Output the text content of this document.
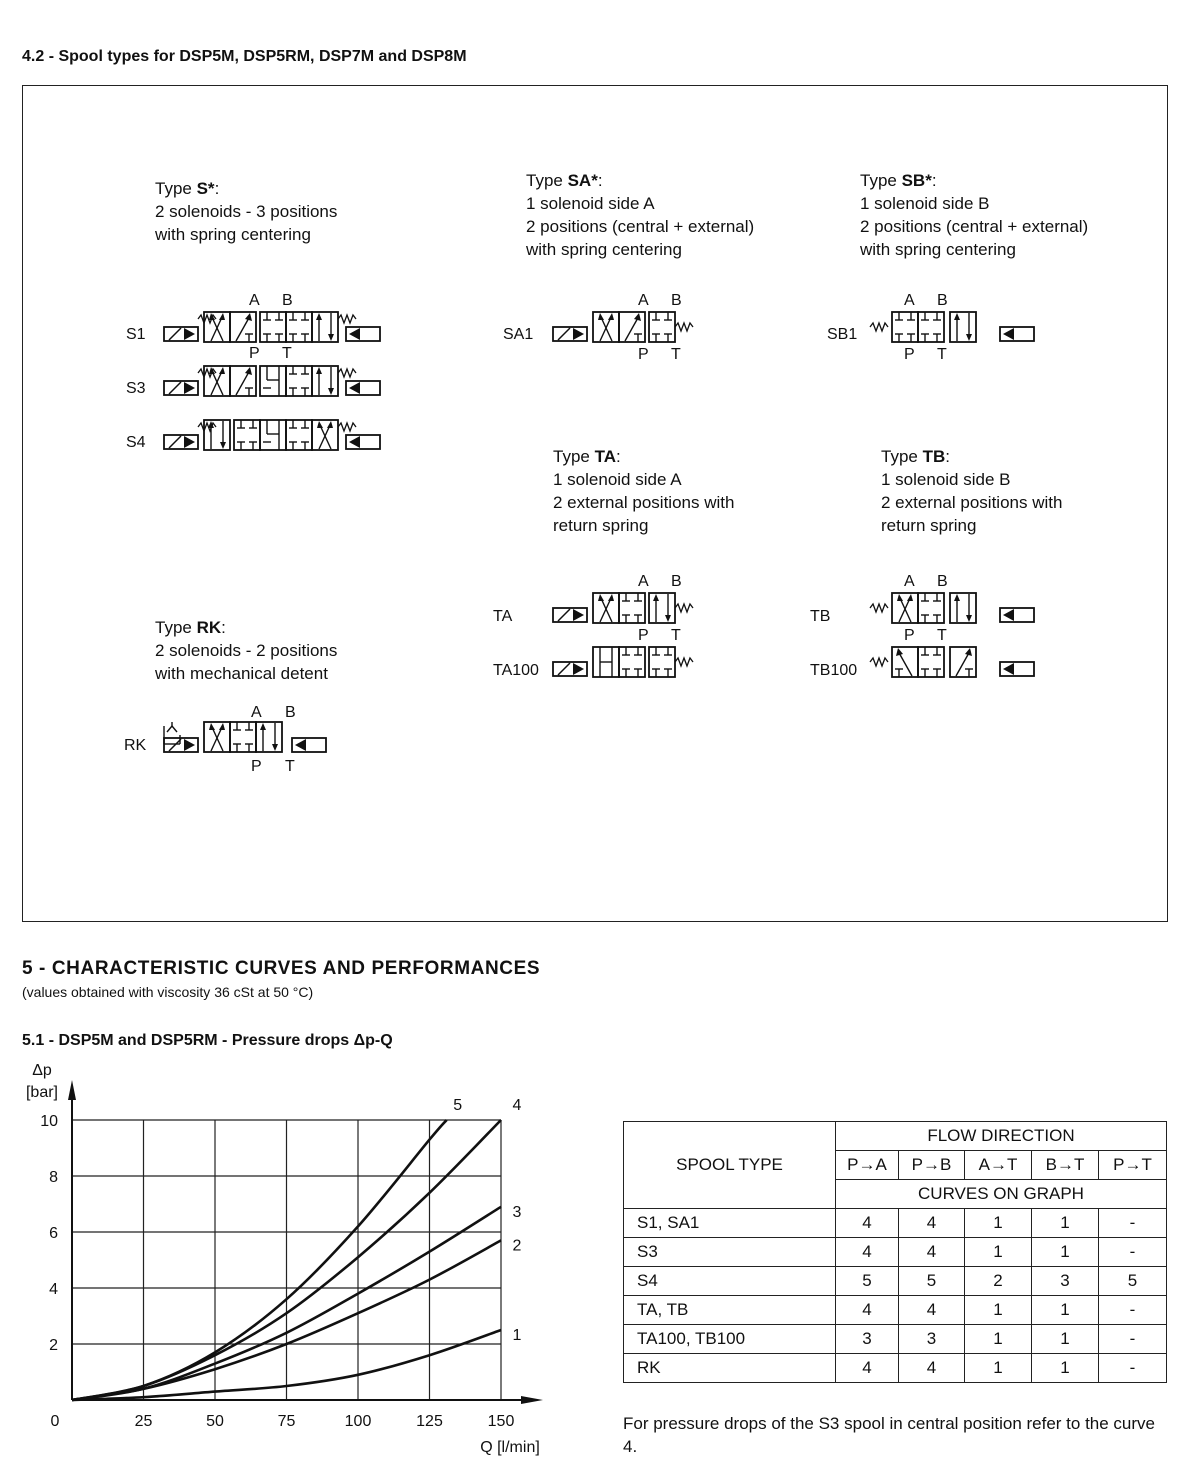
4.2 - Spool types for DSP5M, DSP5RM, DSP7M and DSP8M
Type S*:
2 solenoids - 3 positions
with spring centering
Type SA*:
1 solenoid side A
2 positions (central + external)
with spring centering
Type SB*:
1 solenoid side B
2 positions (central + external)
with spring centering
Type TA:
1 solenoid side A
2 external positions with
return spring
Type TB:
1 solenoid side B
2 external positions with
return spring
Type RK:
2 solenoids - 2 positions
with mechanical detent
S1
S3
S4
SA1	SB1
TA
TA100
TB
TB100
RK
A B
P T
A B
P T
A B
P T
A B
P T
A B
P T
A B
P T
5 - CHARACTERISTIC CURVES AND PERFORMANCES
(values obtained with viscosity 36 cSt at 50 °C)
5.1 - DSP5M and DSP5RM - Pressure drops Δp-Q
0	25	50	75	100	125	150
2
4
6
8
10
Δp
[bar]
Q [l/min]
1
2
3
4
5
SPOOL TYPE	FLOW DIRECTION				
	P→A	P→B	A→T	B→T	P→T
	CURVES ON GRAPH				
S1, SA1	4	4	1	1	-
S3	4	4	1	1	-
S4	5	5	2	3	5
TA, TB	4	4	1	1	-
TA100, TB100	3	3	1	1	-
RK	4	4	1	1	-
For pressure drops of the S3 spool in central position refer to the curve 4.
